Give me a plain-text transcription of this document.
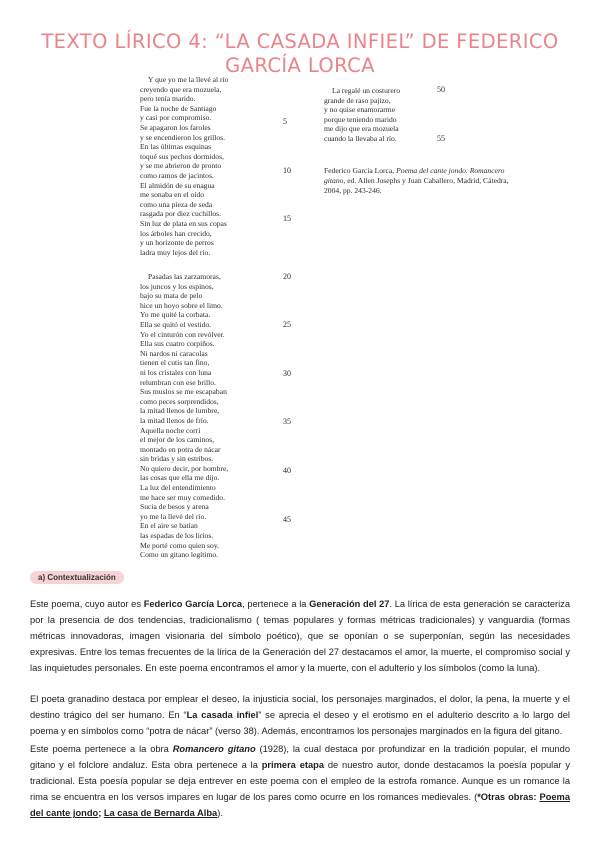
TEXTO LÍRICO 4: “LA CASADA INFIEL” DE FEDERICO GARCÍA LORCA
Y que yo me la llevé al río
creyendo que era mozuela,
pero tenía marido.
Fue la noche de Santiago
y casi por compromiso.
Se apagaron los faroles
y se encendieron los grillos.
En las últimas esquinas
toqué sus pechos dormidos,
y se me abrieron de pronto
como ramos de jacintos.
El almidón de su enagua
me sonaba en el oído
como una pieza de seda
rasgada por diez cuchillos.
Sin luz de plata en sus copas
los árboles han crecido,
y un horizonte de perros
ladra muy lejos del río.
Pasadas las zarzamoras,
los juncos y los espinos,
bajo su mata de pelo
hice un hoyo sobre el limo.
Yo me quité la corbata.
Ella se quitó el vestido.
Yo el cinturón con revólver.
Ella sus cuatro corpiños.
Ni nardos ni caracolas
tienen el cutis tan fino,
ni los cristales con luna
relumbran con ese brillo.
Sus muslos se me escapaban
como peces sorprendidos,
la mitad llenos de lumbre,
la mitad llenos de frío.
Aquella noche corrí
el mejor de los caminos,
montado en potra de nácar
sin bridas y sin estribos.
No quiero decir, por hombre,
las cosas que ella me dijo.
La luz del entendimiento
me hace ser muy comedido.
Sucia de besos y arena
yo me la llevé del río.
En el aire se batían
las espadas de los lirios.
Me porté como quien soy.
Como un gitano legítimo.
La regalé un costurero
grande de raso pajizo,
y no quise enamorarme
porque teniendo marido
me dijo que era mozuela
cuando la llevaba al río.
5
10
15
20
25
30
35
40
45
50
55
Federico García Lorca, Poema del cante jondo. Romancero gitano, ed. Allen Josephs y Juan Caballero, Madrid, Cátedra, 2004, pp. 243-246.
a) Contextualización
Este poema, cuyo autor es Federico García Lorca, pertenece a la Generación del 27. La lírica de esta generación se caracteriza por la presencia de dos tendencias, tradicionalismo ( temas populares y formas métricas tradicionales) y vanguardia (formas métricas innovadoras, imagen visionaria del símbolo poético), que se oponían o se superponían, según las necesidades expresivas. Entre los temas frecuentes de la lírica de la Generación del 27 destacamos el amor, la muerte, el compromiso social y las inquietudes personales. En este poema encontramos el amor y la muerte, con el adulterio y los símbolos (como la luna).
El poeta granadino destaca por emplear el deseo, la injusticia social, los personajes marginados, el dolor, la pena, la muerte y el destino trágico del ser humano. En “La casada infiel” se aprecia el deseo y el erotismo en el adulterio descrito a lo largo del poema y en símbolos como “potra de nácar” (verso 38). Además, encontramos los personajes marginados en la figura del gitano.
Este poema pertenece a la obra Romancero gitano (1928), la cual destaca por profundizar en la tradición popular, el mundo gitano y el folclore andaluz. Esta obra pertenece a la primera etapa de nuestro autor, donde destacamos la poesía popular y tradicional. Esta poesía popular se deja entrever en este poema con el empleo de la estrofa romance. Aunque es un romance la rima se encuentra en los versos impares en lugar de los pares como ocurre en los romances medievales. (*Otras obras: Poema del cante jondo; La casa de Bernarda Alba).
